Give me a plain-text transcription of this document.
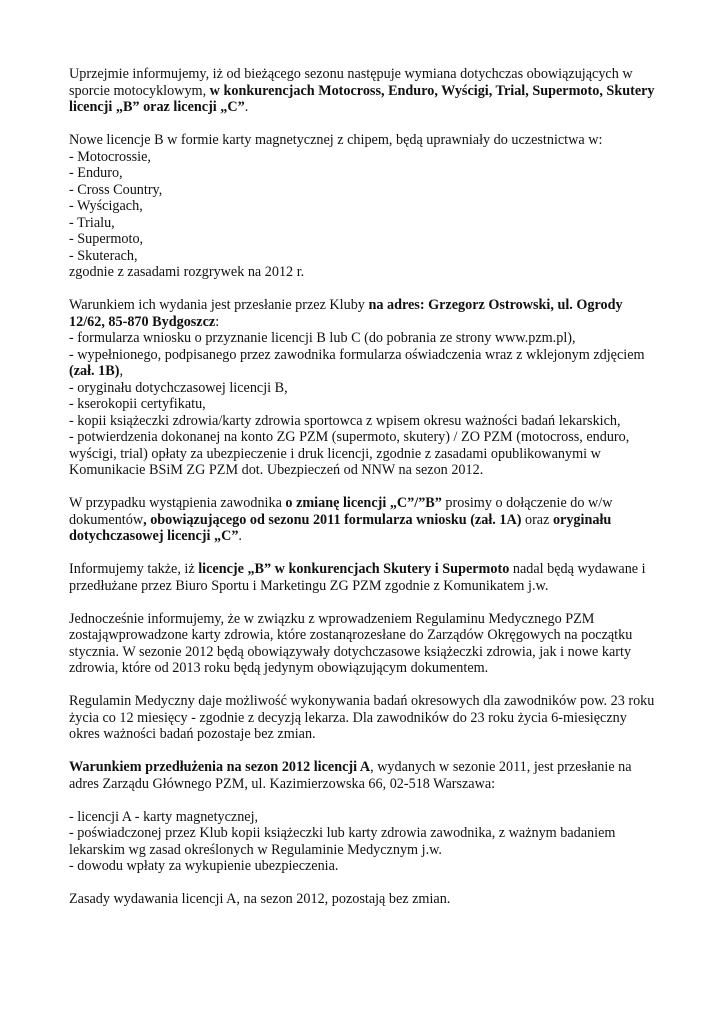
Uprzejmie informujemy, iż od bieżącego sezonu następuje wymiana dotychczas obowiązujących w sporcie motocyklowym, w konkurencjach Motocross, Enduro, Wyścigi, Trial, Supermoto, Skutery licencji „B” oraz licencji „C”.

Nowe licencje B w formie karty magnetycznej z chipem, będą uprawniały do uczestnictwa w:
- Motocrossie,
- Enduro,
- Cross Country,
- Wyścigach,
- Trialu,
- Supermoto,
- Skuterach,
zgodnie z zasadami rozgrywek na 2012 r.

Warunkiem ich wydania jest przesłanie przez Kluby na adres: Grzegorz Ostrowski, ul. Ogrody 12/62, 85-870 Bydgoszcz:
- formularza wniosku o przyznanie licencji B lub C (do pobrania ze strony www.pzm.pl),
- wypełnionego, podpisanego przez zawodnika formularza oświadczenia wraz z wklejonym zdjęciem (zał. 1B),
- oryginału dotychczasowej licencji B,
- kserokopii certyfikatu,
- kopii książeczki zdrowia/karty zdrowia sportowca z wpisem okresu ważności badań lekarskich,
- potwierdzenia dokonanej na konto ZG PZM (supermoto, skutery) / ZO PZM (motocross, enduro, wyścigi, trial) opłaty za ubezpieczenie i druk licencji, zgodnie z zasadami opublikowanymi w Komunikacie BSiM ZG PZM dot. Ubezpieczeń od NNW na sezon 2012.

W przypadku wystąpienia zawodnika o zmianę licencji „C”/”B” prosimy o dołączenie do w/w dokumentów, obowiązującego od sezonu 2011 formularza wniosku (zał. 1A) oraz oryginału dotychczasowej licencji „C”.

Informujemy także, iż licencje „B” w konkurencjach Skutery i Supermoto nadal będą wydawane i przedłużane przez Biuro Sportu i Marketingu ZG PZM zgodnie z Komunikatem j.w.

Jednocześnie informujemy, że w związku z wprowadzeniem Regulaminu Medycznego PZM zostająwprowadzone karty zdrowia, które zostanąrozesłane do Zarządów Okręgowych na początku stycznia. W sezonie 2012 będą obowiązywały dotychczasowe książeczki zdrowia, jak i nowe karty zdrowia, które od 2013 roku będą jedynym obowiązującym dokumentem.

Regulamin Medyczny daje możliwość wykonywania badań okresowych dla zawodników pow. 23 roku życia co 12 miesięcy - zgodnie z decyzją lekarza. Dla zawodników do 23 roku życia 6-miesięczny okres ważności badań pozostaje bez zmian.

Warunkiem przedłużenia na sezon 2012 licencji A, wydanych w sezonie 2011, jest przesłanie na adres Zarządu Głównego PZM, ul. Kazimierzowska 66, 02-518 Warszawa:

- licencji A - karty magnetycznej,
- poświadczonej przez Klub kopii książeczki lub karty zdrowia zawodnika, z ważnym badaniem lekarskim wg zasad określonych w Regulaminie Medycznym j.w.
- dowodu wpłaty za wykupienie ubezpieczenia.

Zasady wydawania licencji A, na sezon 2012, pozostają bez zmian.
